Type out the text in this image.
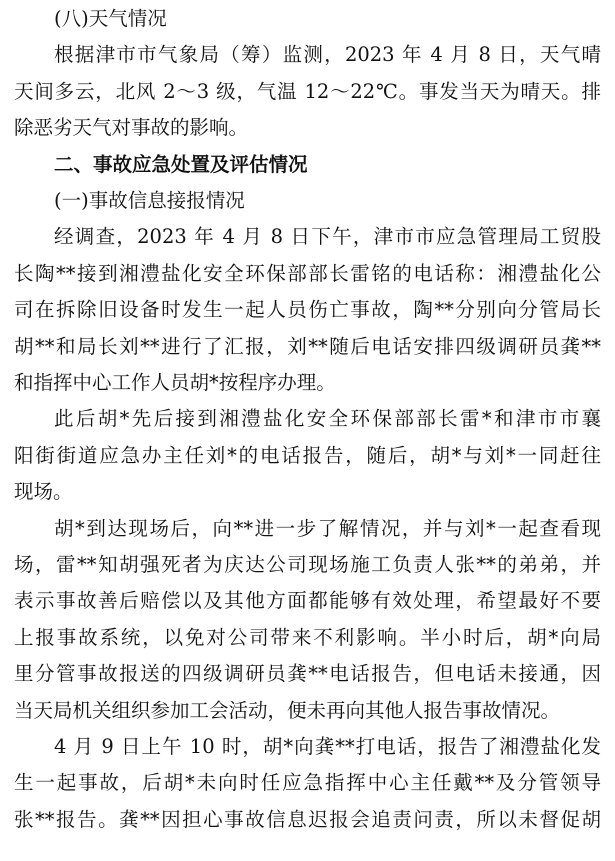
(八)天气情况
根据津市市气象局（筹）监测，2023 年 4 月 8 日，天气晴
天间多云，北风 2～3 级，气温 12～22℃。事发当天为晴天。排
除恶劣天气对事故的影响。
二、事故应急处置及评估情况
(一)事故信息接报情况
经调查，2023 年 4 月 8 日下午，津市市应急管理局工贸股
长陶**接到湘澧盐化安全环保部部长雷铭的电话称：湘澧盐化公
司在拆除旧设备时发生一起人员伤亡事故，陶**分别向分管局长
胡**和局长刘**进行了汇报，刘**随后电话安排四级调研员龚**
和指挥中心工作人员胡*按程序办理。
此后胡*先后接到湘澧盐化安全环保部部长雷*和津市市襄
阳街街道应急办主任刘*的电话报告，随后，胡*与刘*一同赶往
现场。
胡*到达现场后，向**进一步了解情况，并与刘*一起查看现
场，雷**知胡强死者为庆达公司现场施工负责人张**的弟弟，并
表示事故善后赔偿以及其他方面都能够有效处理，希望最好不要
上报事故系统，以免对公司带来不利影响。半小时后，胡*向局
里分管事故报送的四级调研员龚**电话报告，但电话未接通，因
当天局机关组织参加工会活动，便未再向其他人报告事故情况。
4 月 9 日上午 10 时，胡*向龚**打电话，报告了湘澧盐化发
生一起事故，后胡*未向时任应急指挥中心主任戴**及分管领导
张**报告。龚**因担心事故信息迟报会追责问责，所以未督促胡
